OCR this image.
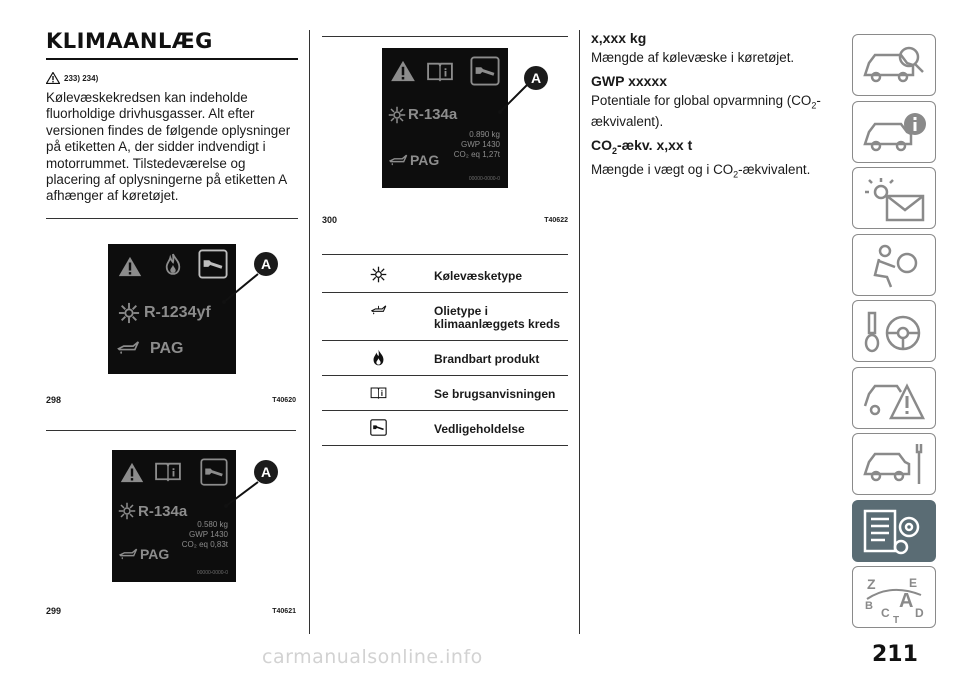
KLIMAANLÆG
233) 234)

Kølevæskekredsen kan indeholde fluorholdige drivhusgasser. Alt efter versionen findes de følgende oplysninger på etiketten A, der sidder indvendigt i motorrummet. Tilstedeværelse og placering af oplysningerne på etiketten A afhænger af køretøjet.

R-1234yf
PAG
A
298	T40620
R-134a
0.580 kg
GWP 1430
CO₂ eq 0,83t
PAG
00000-0000-0
A
299	T40621
R-134a
0.890 kg
GWP 1430
CO₂ eq 1,27t
PAG
00000-0000-0
A
300	T40622
Kølevæsketype
Olietype i klimaanlæggets kreds
Brandbart produkt
Se brugsanvisningen
Vedligeholdelse
x,xxx kg

Mængde af kølevæske i køretøjet.

GWP xxxxx

Potentiale for global opvarmning $(CO_2-ækvivalent)$.

$CO_2$-ækv. x,xx t

Mængde i vægt og i $CO_2$-ækvivalent.

Z	E
B A
C D
T
211
carmanualsonline.info
